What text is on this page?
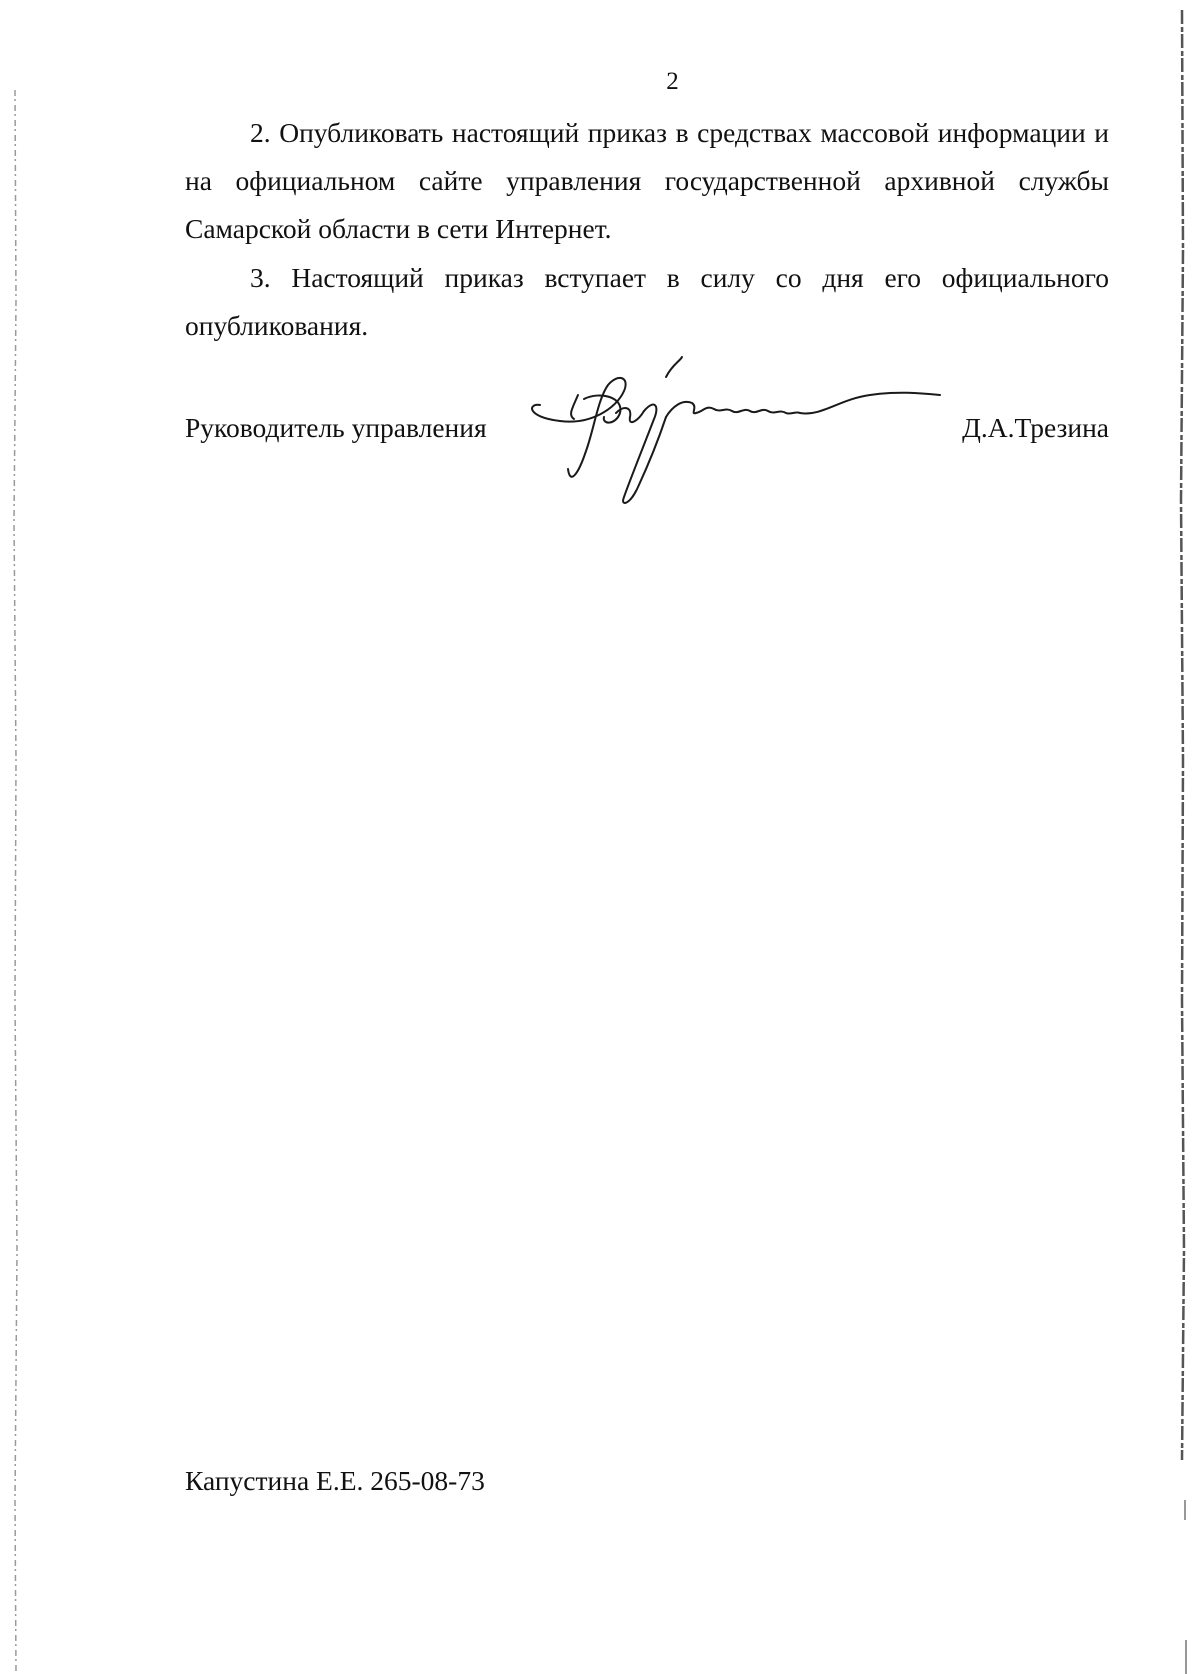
2

2. Опубликовать настоящий приказ в средствах массовой информации и на официальном сайте управления государственной архивной службы Самарской области в сети Интернет.

3. Настоящий приказ вступает в силу со дня его официального опубликования.

Руководитель управления	Д.А.Трезина
Капустина Е.Е. 265-08-73
